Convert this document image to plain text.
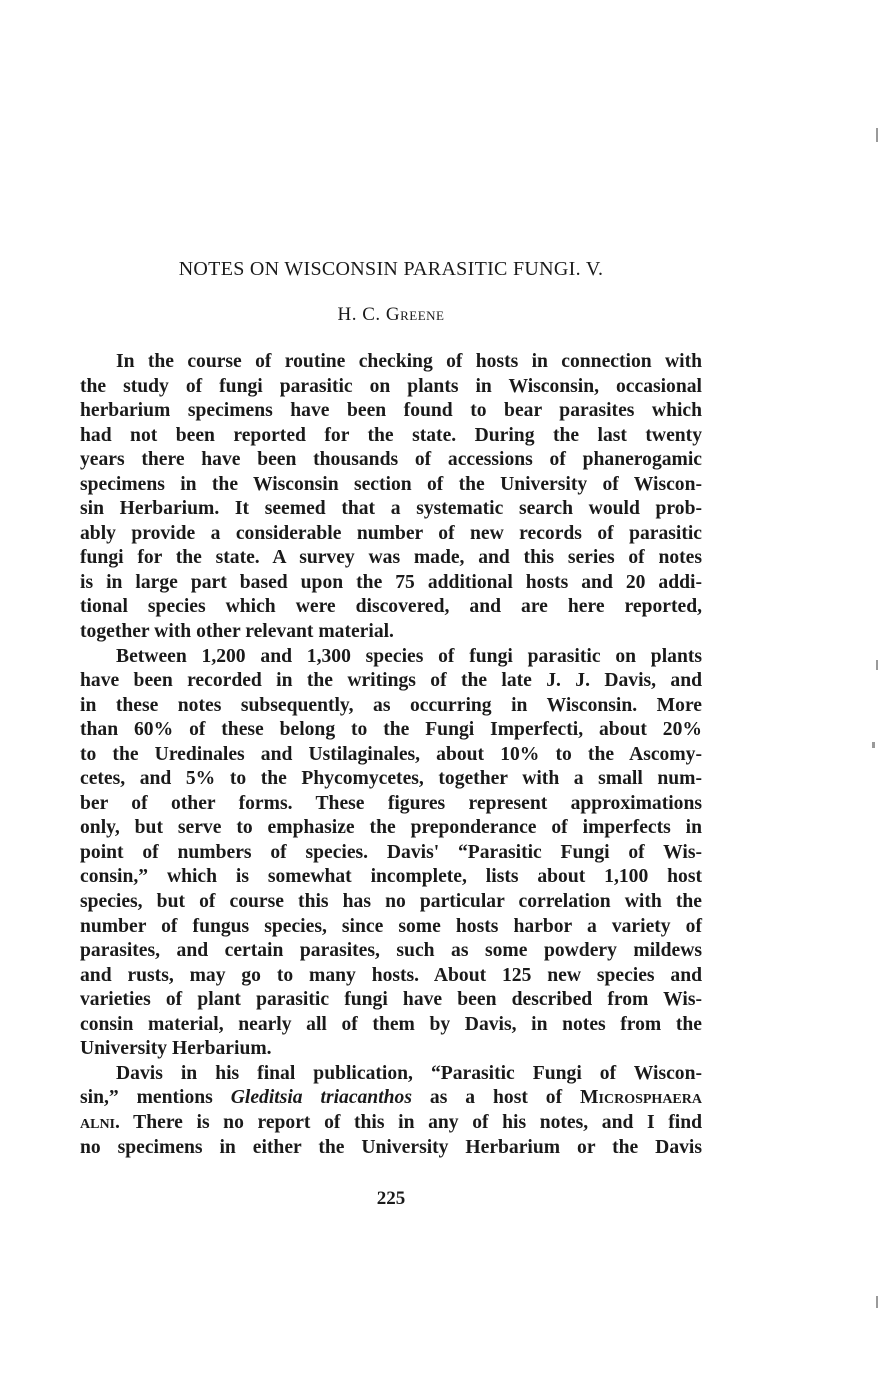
NOTES ON WISCONSIN PARASITIC FUNGI. V.
H. C. Greene

In the course of routine checking of hosts in connection with
the study of fungi parasitic on plants in Wisconsin, occasional
herbarium specimens have been found to bear parasites which
had not been reported for the state. During the last twenty
years there have been thousands of accessions of phanerogamic
specimens in the Wisconsin section of the University of Wiscon-
sin Herbarium. It seemed that a systematic search would prob-
ably provide a considerable number of new records of parasitic
fungi for the state. A survey was made, and this series of notes
is in large part based upon the 75 additional hosts and 20 addi-
tional species which were discovered, and are here reported,
together with other relevant material.

Between 1,200 and 1,300 species of fungi parasitic on plants
have been recorded in the writings of the late J. J. Davis, and
in these notes subsequently, as occurring in Wisconsin. More
than 60% of these belong to the Fungi Imperfecti, about 20%
to the Uredinales and Ustilaginales, about 10% to the Ascomy-
cetes, and 5% to the Phycomycetes, together with a small num-
ber of other forms. These figures represent approximations
only, but serve to emphasize the preponderance of imperfects in
point of numbers of species. Davis' “Parasitic Fungi of Wis-
consin,” which is somewhat incomplete, lists about 1,100 host
species, but of course this has no particular correlation with the
number of fungus species, since some hosts harbor a variety of
parasites, and certain parasites, such as some powdery mildews
and rusts, may go to many hosts. About 125 new species and
varieties of plant parasitic fungi have been described from Wis-
consin material, nearly all of them by Davis, in notes from the
University Herbarium.

Davis in his final publication, “Parasitic Fungi of Wiscon-
sin,” mentions Gleditsia triacanthos as a host of Microsphaera
alni. There is no report of this in any of his notes, and I find
no specimens in either the University Herbarium or the Davis

225
